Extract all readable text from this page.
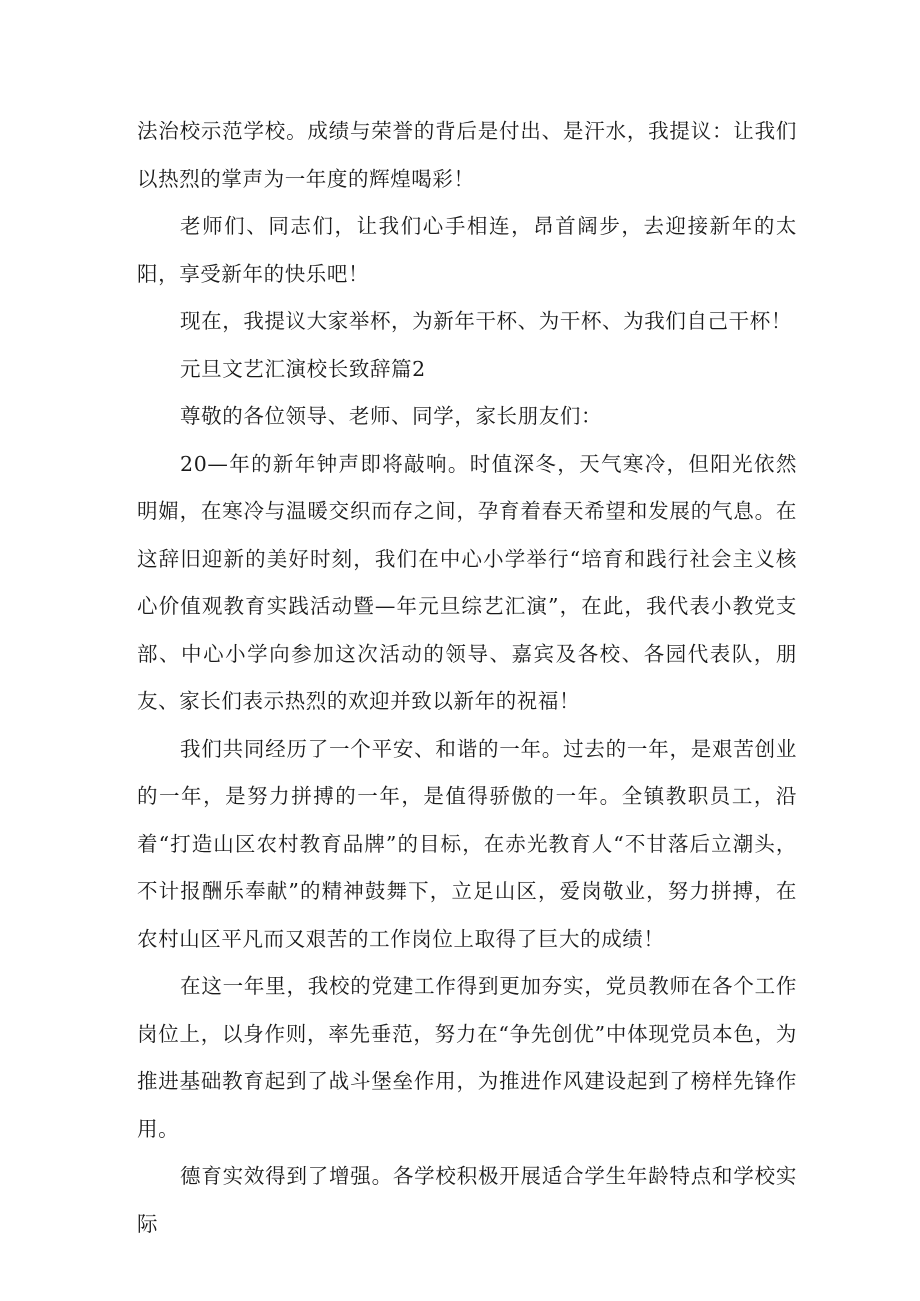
法治校示范学校。成绩与荣誉的背后是付出、是汗水，我提议：让我们以热烈的掌声为一年度的辉煌喝彩！

老师们、同志们，让我们心手相连，昂首阔步，去迎接新年的太阳，享受新年的快乐吧！

现在，我提议大家举杯，为新年干杯、为干杯、为我们自己干杯！

元旦文艺汇演校长致辞篇2

尊敬的各位领导、老师、同学，家长朋友们：

20—年的新年钟声即将敲响。时值深冬，天气寒冷，但阳光依然明媚，在寒冷与温暖交织而存之间，孕育着春天希望和发展的气息。在这辞旧迎新的美好时刻，我们在中心小学举行“培育和践行社会主义核心价值观教育实践活动暨—年元旦综艺汇演”，在此，我代表小教党支部、中心小学向参加这次活动的领导、嘉宾及各校、各园代表队，朋友、家长们表示热烈的欢迎并致以新年的祝福！

我们共同经历了一个平安、和谐的一年。过去的一年，是艰苦创业的一年，是努力拼搏的一年，是值得骄傲的一年。全镇教职员工，沿着“打造山区农村教育品牌”的目标，在赤光教育人“不甘落后立潮头，不计报酬乐奉献”的精神鼓舞下，立足山区，爱岗敬业，努力拼搏，在农村山区平凡而又艰苦的工作岗位上取得了巨大的成绩！

在这一年里，我校的党建工作得到更加夯实，党员教师在各个工作岗位上，以身作则，率先垂范，努力在“争先创优”中体现党员本色，为推进基础教育起到了战斗堡垒作用，为推进作风建设起到了榜样先锋作用。

德育实效得到了增强。各学校积极开展适合学生年龄特点和学校实际
